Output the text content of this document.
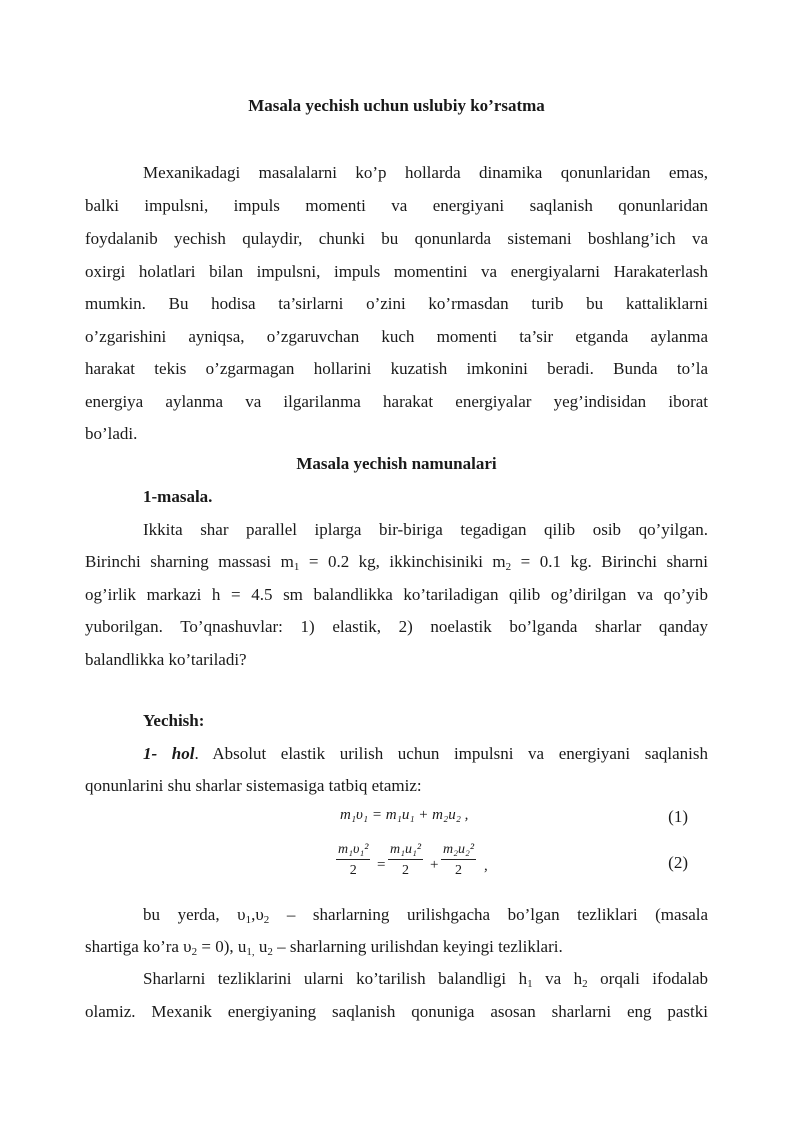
Masala yechish uchun uslubiy ko’rsatma
Mexanikadagi masalalarni ko’p hollarda dinamika qonunlaridan emas,
balki impulsni, impuls momenti va energiyani saqlanish qonunlaridan
foydalanib yechish qulaydir, chunki bu qonunlarda sistemani boshlang’ich va
oxirgi holatlari bilan impulsni, impuls momentini va energiyalarni Harakaterlash
mumkin. Bu hodisa ta’sirlarni o’zini ko’rmasdan turib bu kattaliklarni
o’zgarishini ayniqsa, o’zgaruvchan kuch momenti ta’sir etganda aylanma
harakat tekis o’zgarmagan hollarini kuzatish imkonini beradi. Bunda to’la
energiya aylanma va ilgarilanma harakat energiyalar yeg’indisidan iborat
bo’ladi.
Masala yechish namunalari
1-masala.
Ikkita shar parallel iplarga bir-biriga tegadigan qilib osib qo’yilgan.
Birinchi sharning massasi $m_1 = 0.2$ kg, ikkinchisiniki $m_2 = 0.1$ kg. Birinchi sharni
og’irlik markazi h = 4.5 sm balandlikka ko’tariladigan qilib og’dirilgan va qo’yib
yuborilgan. To’qnashuvlar: 1) elastik, 2) noelastik bo’lganda sharlar qanday
balandlikka ko’tariladi?
Yechish:
1- hol. Absolut elastik urilish uchun impulsni va energiyani saqlanish
qonunlarini shu sharlar sistemasiga tatbiq etamiz:
m₁υ₁ = m₁u₁ + m₂u₂ ,	(1)
$\frac{\text{m₁υ₁²}}{2} = \frac{\text{m₁u₁²}}{2} + \frac{\text{m₂u₂²}}{2}$ ,	(2)
bu yerda, $\upsilon_1,\upsilon_2$ – sharlarning urilishgacha bo’lgan tezliklari (masala
shartiga ko’ra $\upsilon_2 = 0$), $u_{1,}$ $u_2$ – sharlarning urilishdan keyingi tezliklari.
Sharlarni tezliklarini ularni ko’tarilish balandligi $h_1$ va $h_2$ orqali ifodalab
olamiz. Mexanik energiyaning saqlanish qonuniga asosan sharlarni eng pastki
